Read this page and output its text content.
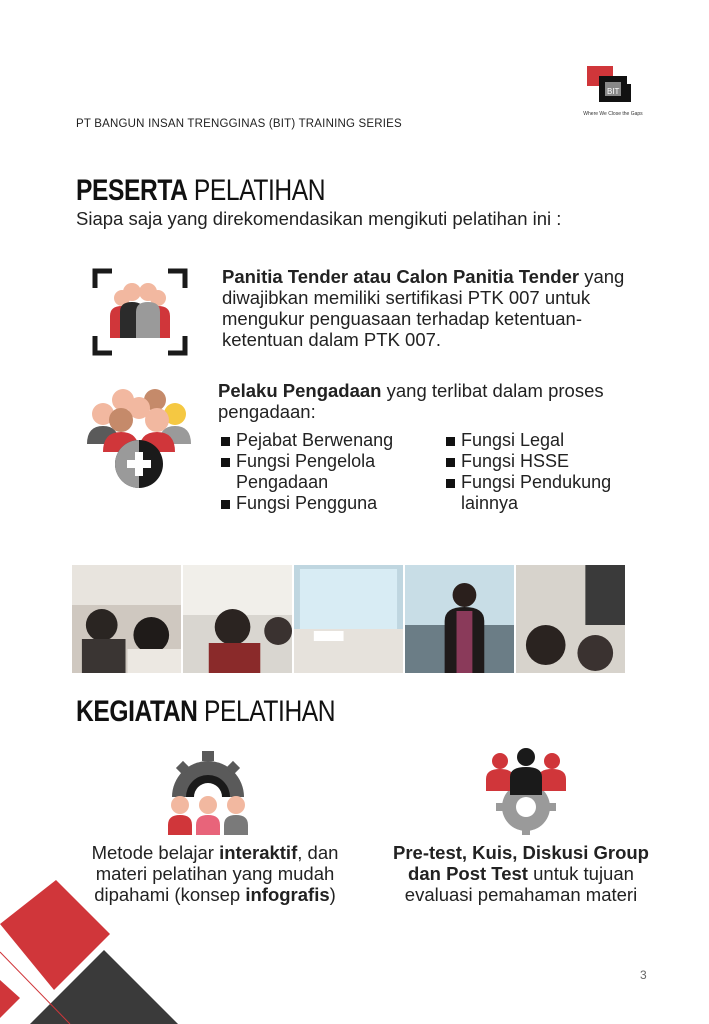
PT BANGUN INSAN TRENGGINAS (BIT) TRAINING SERIES
BIT
Where We Close the Gaps
PESERTA PELATIHAN
Siapa saja yang direkomendasikan mengikuti pelatihan ini :
Panitia Tender atau Calon Panitia Tender yang diwajibkan memiliki sertifikasi PTK 007 untuk mengukur penguasaan terhadap ketentuan-ketentuan dalam PTK 007.
Pelaku Pengadaan yang terlibat dalam proses pengadaan:
Pejabat Berwenang
Fungsi Pengelola Pengadaan
Fungsi Pengguna
Fungsi Legal
Fungsi HSSE
Fungsi Pendukung lainnya
KEGIATAN PELATIHAN
Metode belajar interaktif, dan materi pelatihan yang mudah dipahami (konsep infografis)
Pre-test, Kuis, Diskusi Group dan Post Test untuk tujuan evaluasi pemahaman materi
3
